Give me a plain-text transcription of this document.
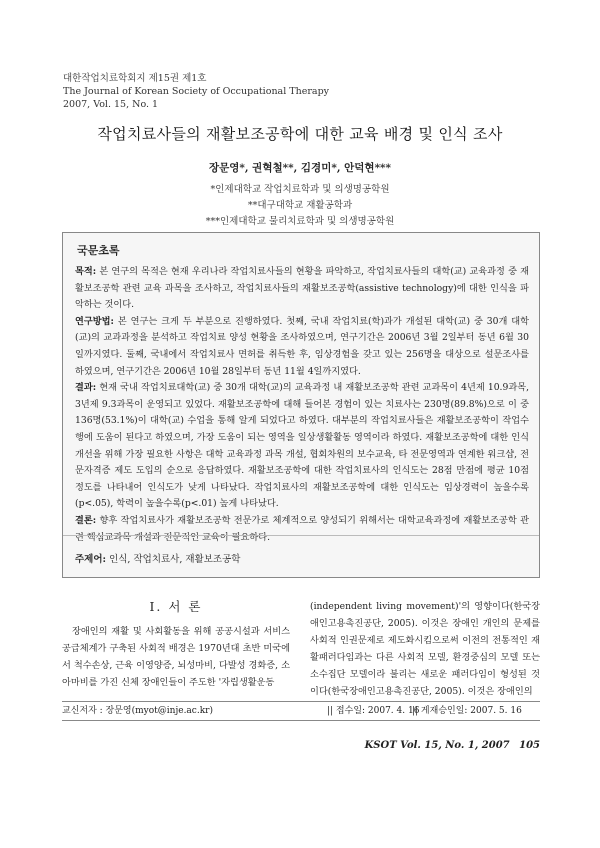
대한작업치료학회지 제15권 제1호
The Journal of Korean Society of Occupational Therapy
2007, Vol. 15, No. 1
작업치료사들의 재활보조공학에 대한 교육 배경 및 인식 조사
장문영*, 권혁철**, 김경미*, 안덕현***
*인제대학교 작업치료학과 및 의생명공학원
**대구대학교 재활공학과
***인제대학교 물리치료학과 및 의생명공학원
국문초록

목적: 본 연구의 목적은 현재 우리나라 작업치료사들의 현황을 파악하고, 작업치료사들의 대학(교) 교육과정 중 재활보조공학 관련 교육 과목을 조사하고, 작업치료사들의 재활보조공학(assistive technology)에 대한 인식을 파악하는 것이다.

연구방법: 본 연구는 크게 두 부분으로 진행하였다. 첫째, 국내 작업치료(학)과가 개설된 대학(교) 중 30개 대학(교)의 교과과정을 분석하고 작업치료 양성 현황을 조사하였으며, 연구기간은 2006년 3월 2일부터 동년 6월 30일까지였다. 둘째, 국내에서 작업치료사 면허를 취득한 후, 임상경험을 갖고 있는 256명을 대상으로 설문조사를 하였으며, 연구기간은 2006년 10월 28일부터 동년 11월 4일까지였다.

결과: 현재 국내 작업치료대학(교) 중 30개 대학(교)의 교육과정 내 재활보조공학 관련 교과목이 4년제 10.9과목, 3년제 9.3과목이 운영되고 있었다. 재활보조공학에 대해 들어본 경험이 있는 치료사는 230명(89.8%)으로 이 중 136명(53.1%)이 대학(교) 수업을 통해 알게 되었다고 하였다. 대부분의 작업치료사들은 재활보조공학이 작업수행에 도움이 된다고 하였으며, 가장 도움이 되는 영역을 일상생활활동 영역이라 하였다. 재활보조공학에 대한 인식 개선을 위해 가장 필요한 사항은 대학 교육과정 과목 개설, 협회차원의 보수교육, 타 전문영역과 연계한 워크샵, 전문자격증 제도 도입의 순으로 응답하였다. 재활보조공학에 대한 작업치료사의 인식도는 28점 만점에 평균 10점 정도를 나타내어 인식도가 낮게 나타났다. 작업치료사의 재활보조공학에 대한 인식도는 임상경력이 높을수록(p<.05), 학력이 높을수록(p<.01) 높게 나타났다.

결론: 향후 작업치료사가 재활보조공학 전문가로 체계적으로 양성되기 위해서는 대학교육과정에 재활보조공학 관련 핵심교과목 개설과 전문적인 교육이 필요하다.

주제어: 인식, 작업치료사, 재활보조공학
Ⅰ. 서 론

장애인의 재활 및 사회활동을 위해 공공시설과 서비스공급체계가 구축된 사회적 배경은 1970년대 초반 미국에서 척수손상, 근육 이영양증, 뇌성마비, 다발성 경화증, 소아마비를 가진 신체 장애인들이 주도한 '자립생활운동

(independent living movement)'의 영향이다(한국장애인고용촉진공단, 2005). 이것은 장애인 개인의 문제를 사회적 인권문제로 제도화시킴으로써 이전의 전통적인 재활패러다임과는 다른 사회적 모델, 환경중심의 모델 또는 소수집단 모델이라 불리는 새로운 패러다임이 형성된 것이다(한국장애인고용촉진공단, 2005). 이것은 장애인의

교신저자 : 장문영(myot@inje.ac.kr)	|| 접수일: 2007. 4. 16
|| 게재승인일: 2007. 5. 16
KSOT Vol. 15, No. 1, 2007 105
